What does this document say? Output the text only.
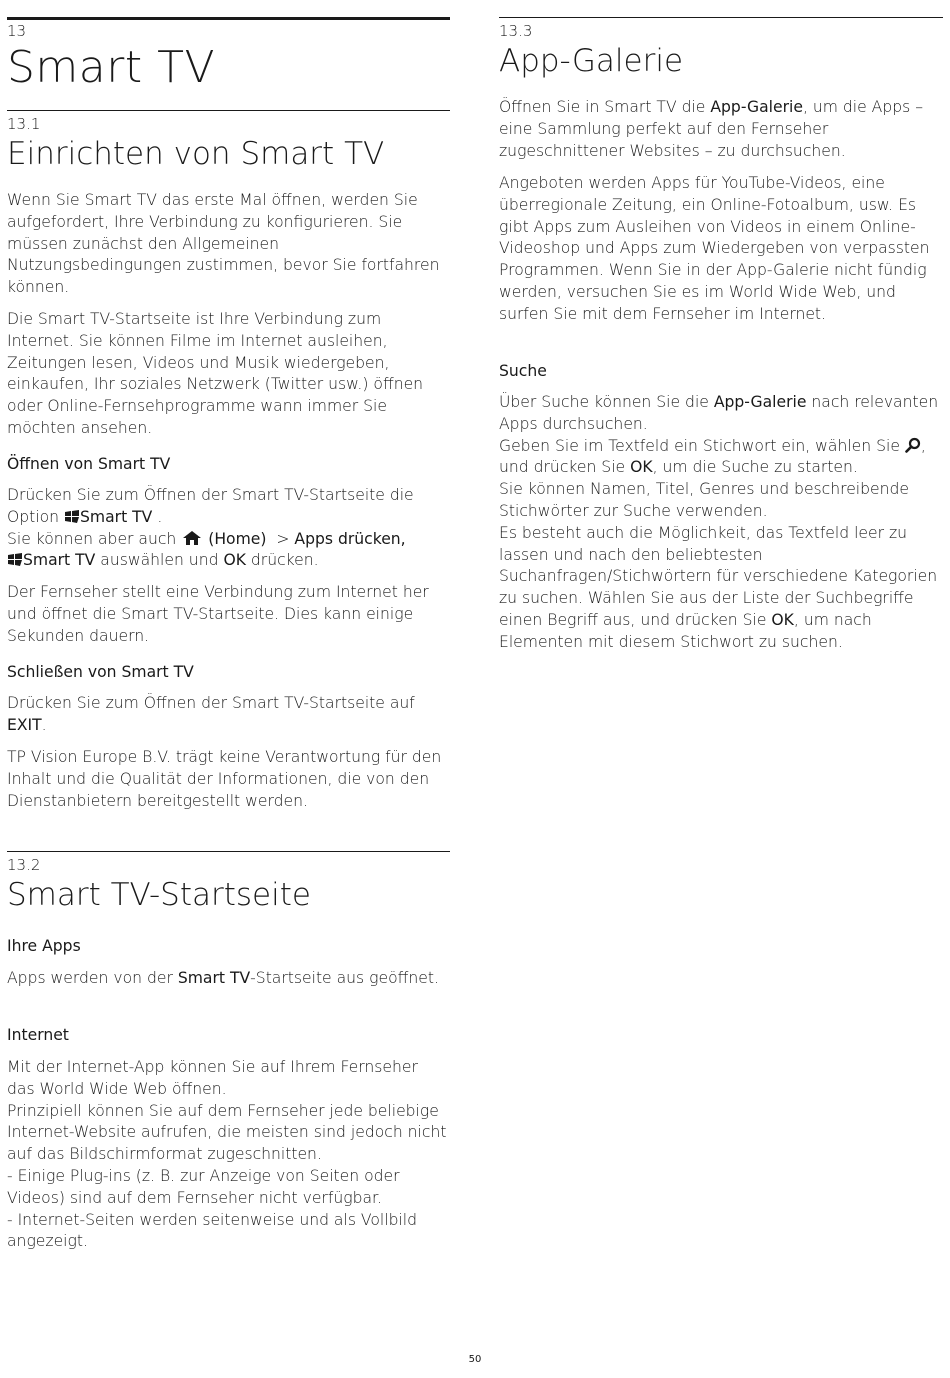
13

Smart TV

13.1

Einrichten von Smart TV

Wenn Sie Smart TV das erste Mal öffnen, werden Sie aufgefordert, Ihre Verbindung zu konfigurieren. Sie müssen zunächst den Allgemeinen Nutzungsbedingungen zustimmen, bevor Sie fortfahren können.

Die Smart TV-Startseite ist Ihre Verbindung zum Internet. Sie können Filme im Internet ausleihen, Zeitungen lesen, Videos und Musik wiedergeben, einkaufen, Ihr soziales Netzwerk (Twitter usw.) öffnen oder Online-Fernsehprogramme wann immer Sie möchten ansehen.

Öffnen von Smart TV

Drücken Sie zum Öffnen der Smart TV-Startseite die Option Smart TV .
Sie können aber auch (Home) > Apps drücken,
Smart TV auswählen und OK drücken.

Der Fernseher stellt eine Verbindung zum Internet her und öffnet die Smart TV-Startseite. Dies kann einige Sekunden dauern.

Schließen von Smart TV

Drücken Sie zum Öffnen der Smart TV-Startseite auf
EXIT.

TP Vision Europe B.V. trägt keine Verantwortung für den Inhalt und die Qualität der Informationen, die von den Dienstanbietern bereitgestellt werden.

13.2

Smart TV-Startseite

Ihre Apps

Apps werden von der Smart TV-Startseite aus geöffnet.

Internet

Mit der Internet-App können Sie auf Ihrem Fernseher das World Wide Web öffnen.
Prinzipiell können Sie auf dem Fernseher jede beliebige Internet-Website aufrufen, die meisten sind jedoch nicht auf das Bildschirmformat zugeschnitten.
- Einige Plug-ins (z. B. zur Anzeige von Seiten oder Videos) sind auf dem Fernseher nicht verfügbar.
- Internet-Seiten werden seitenweise und als Vollbild angezeigt.

13.3

App-Galerie

Öffnen Sie in Smart TV die App-Galerie, um die Apps – eine Sammlung perfekt auf den Fernseher zugeschnittener Websites – zu durchsuchen.

Angeboten werden Apps für YouTube-Videos, eine überregionale Zeitung, ein Online-Fotoalbum, usw. Es gibt Apps zum Ausleihen von Videos in einem Online-Videoshop und Apps zum Wiedergeben von verpassten Programmen. Wenn Sie in der App-Galerie nicht fündig werden, versuchen Sie es im World Wide Web, und surfen Sie mit dem Fernseher im Internet.

Suche

Über Suche können Sie die App-Galerie nach relevanten Apps durchsuchen.
Geben Sie im Textfeld ein Stichwort ein, wählen Sie , und drücken Sie OK, um die Suche zu starten.
Sie können Namen, Titel, Genres und beschreibende Stichwörter zur Suche verwenden.
Es besteht auch die Möglichkeit, das Textfeld leer zu lassen und nach den beliebtesten Suchanfragen/Stichwörtern für verschiedene Kategorien zu suchen. Wählen Sie aus der Liste der Suchbegriffe einen Begriff aus, und drücken Sie OK, um nach Elementen mit diesem Stichwort zu suchen.

50
